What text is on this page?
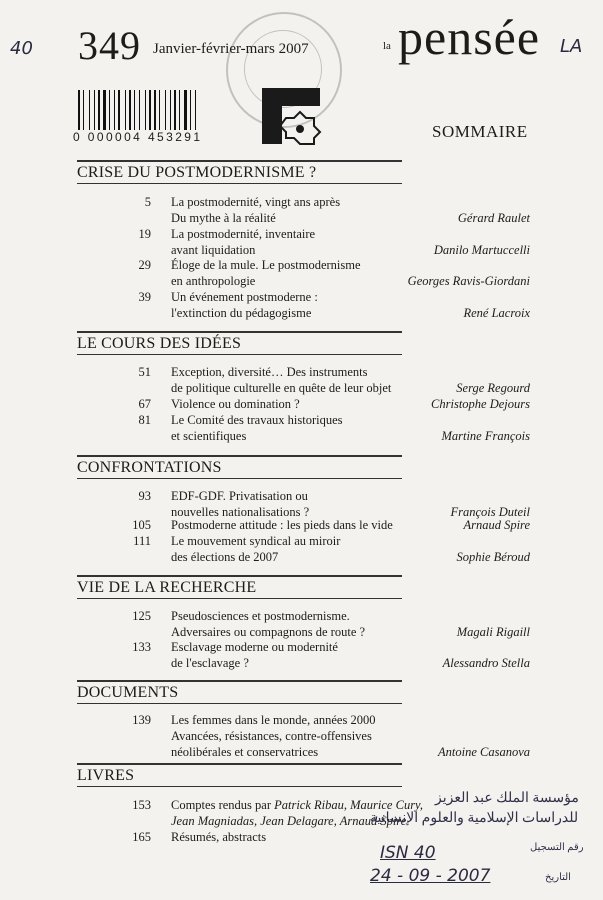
40	LA
349 Janvier-février-mars 2007	la pensée
0 000004 453291	SOMMAIRE
CRISE DU POSTMODERNISME ?
5 La postmodernité, vingt ans après
Du mythe à la réalité	Gérard Raulet
19 La postmodernité, inventaire
avant liquidation	Danilo Martuccelli
29 Éloge de la mule. Le postmodernisme
en anthropologie	Georges Ravis-Giordani
39 Un événement postmoderne :
l'extinction du pédagogisme	René Lacroix
LE COURS DES IDÉES
51 Exception, diversité… Des instruments
de politique culturelle en quête de leur objet	Serge Regourd
67 Violence ou domination ?	Christophe Dejours
81 Le Comité des travaux historiques
et scientifiques	Martine François
CONFRONTATIONS
93 EDF-GDF. Privatisation ou
nouvelles nationalisations ?	François Duteil
105 Postmoderne attitude : les pieds dans le vide	Arnaud Spire
111 Le mouvement syndical au miroir
des élections de 2007	Sophie Béroud
VIE DE LA RECHERCHE
125 Pseudosciences et postmodernisme.
Adversaires ou compagnons de route ?	Magali Rigaill
133 Esclavage moderne ou modernité
de l'esclavage ?	Alessandro Stella
DOCUMENTS
139 Les femmes dans le monde, années 2000
Avancées, résistances, contre-offensives
néolibérales et conservatrices	Antoine Casanova
LIVRES
153 Comptes rendus par Patrick Ribau, Maurice Cury,
Jean Magniadas, Jean Delagare, Arnaud Spire
165 Résumés, abstracts
مؤسسة الملك عبد العزيز
للدراسات الإسلامية والعلوم الإنسانية
رقم التسجيل
ISN 40
التاريخ
24 - 09 - 2007
